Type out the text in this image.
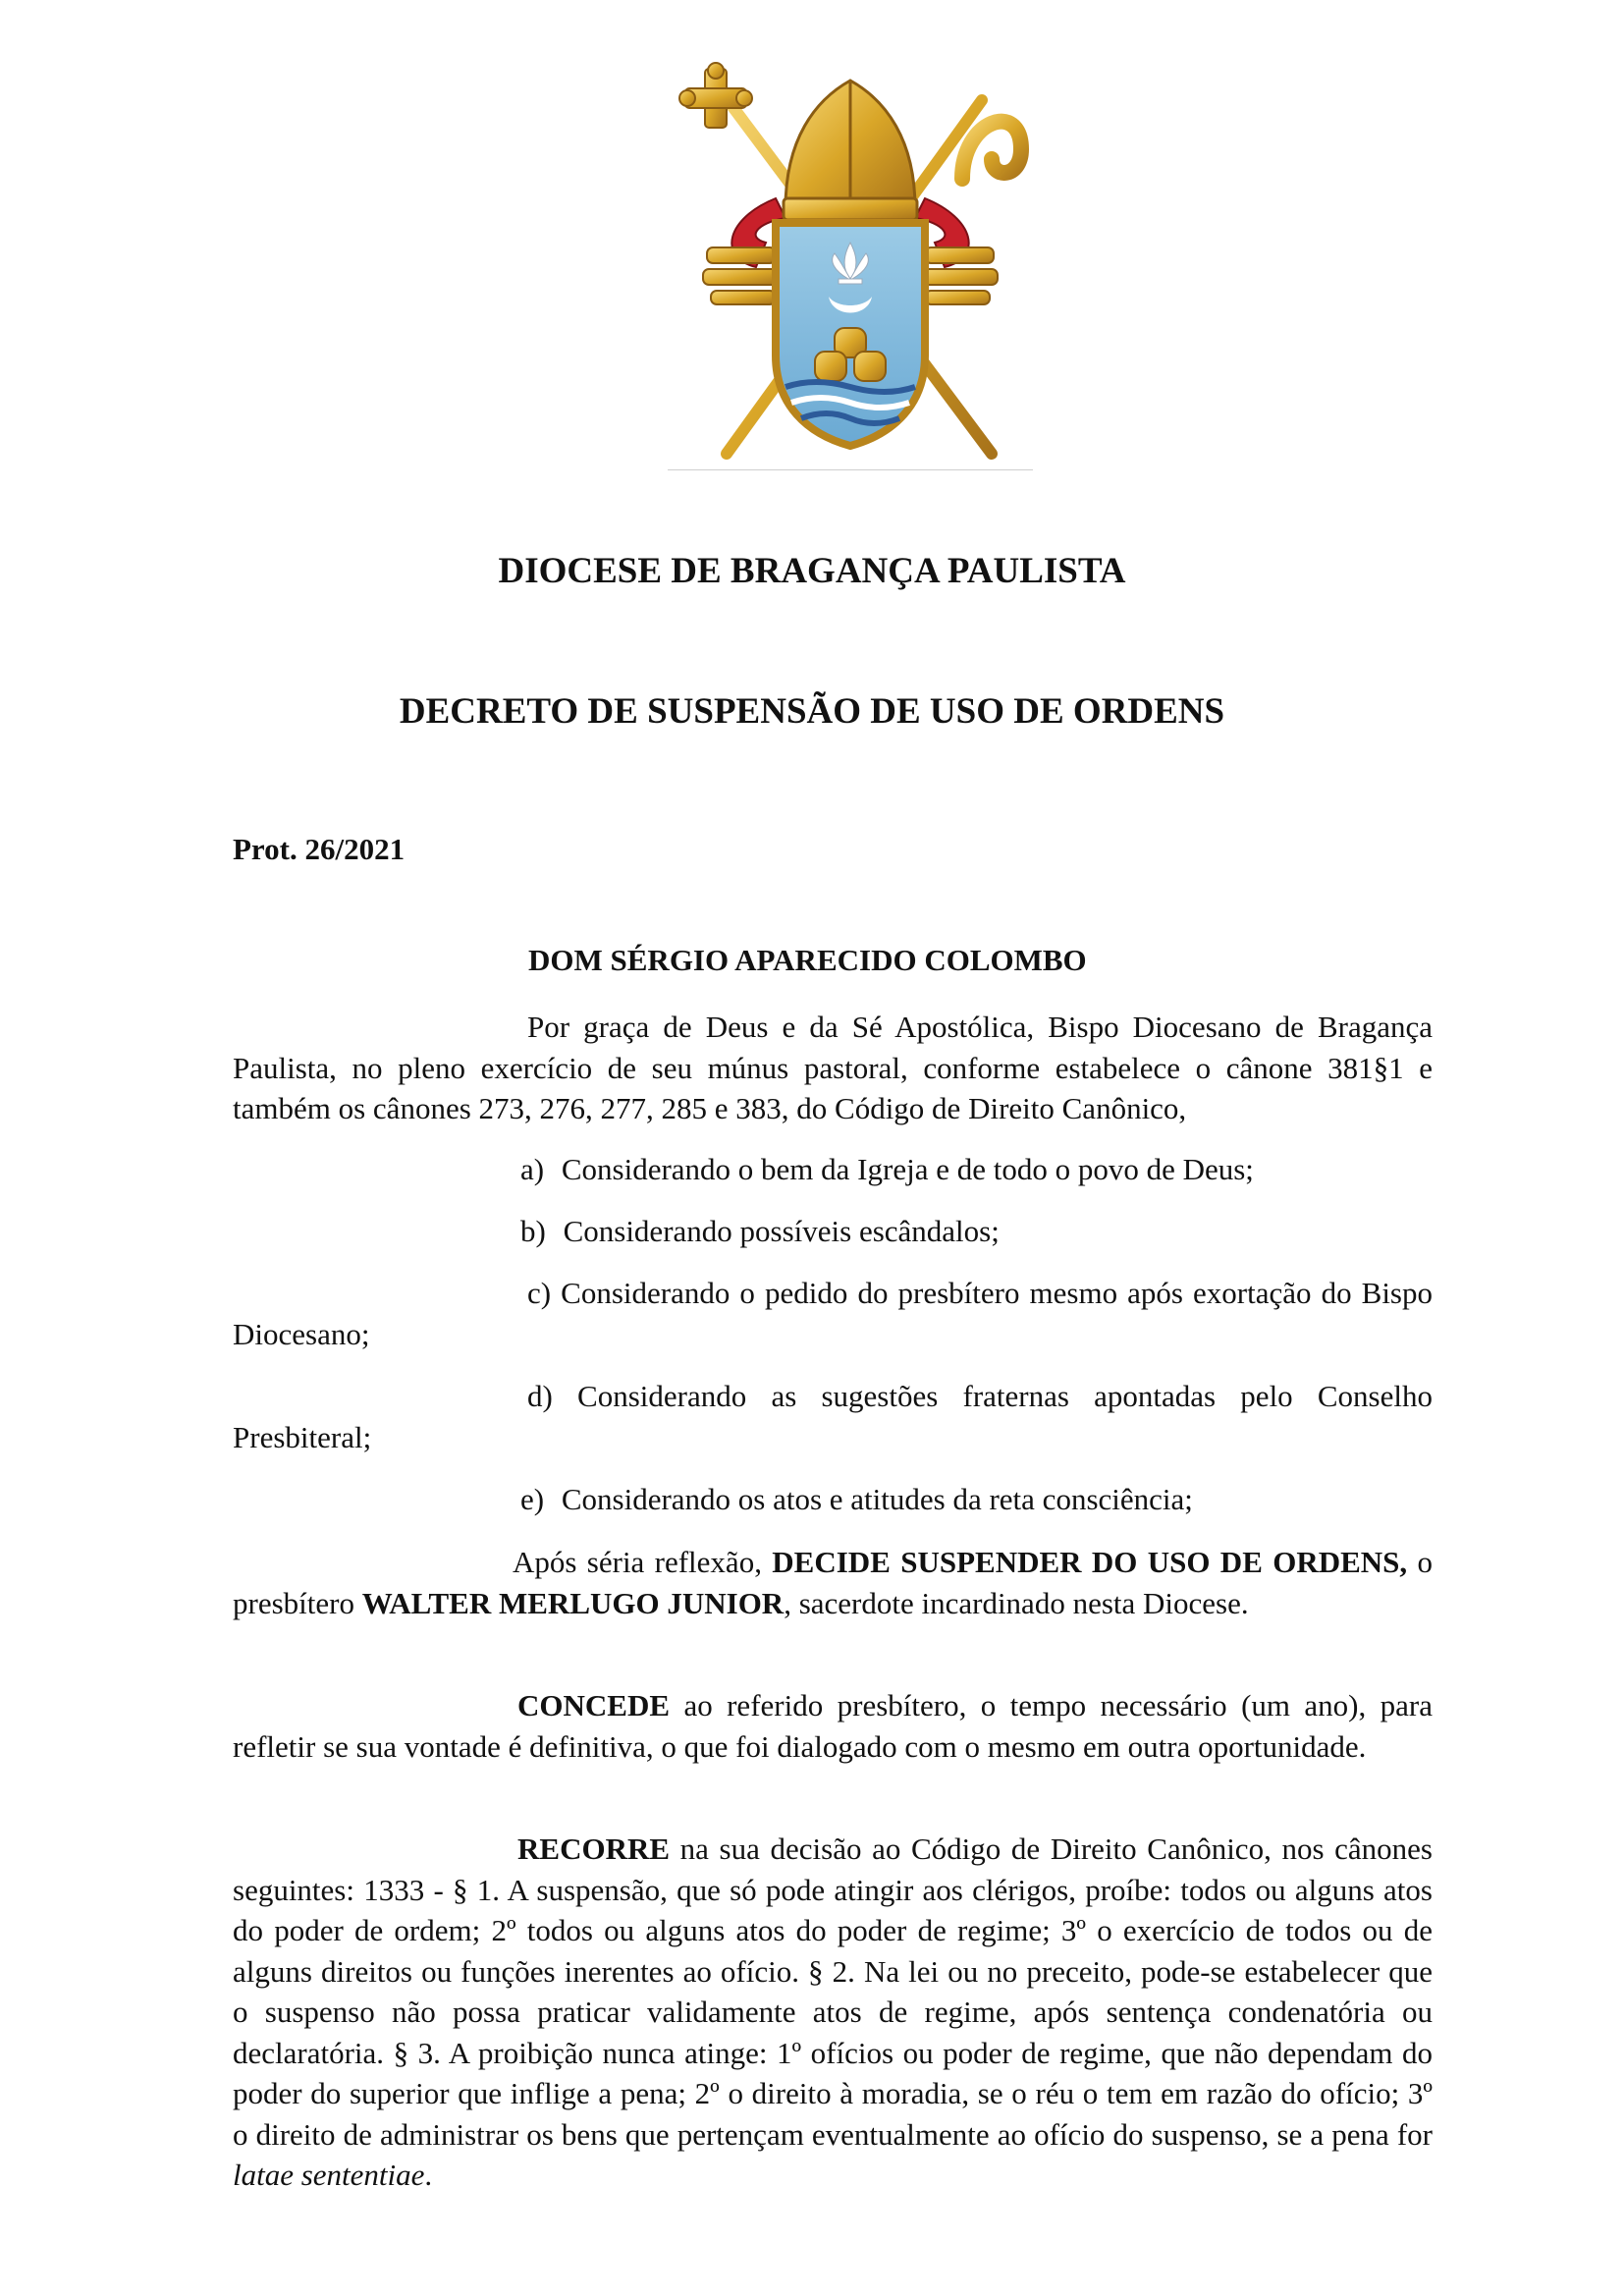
DIOCESE DE BRAGANÇA PAULISTA
DECRETO DE SUSPENSÃO DE USO DE ORDENS
Prot. 26/2021
DOM SÉRGIO APARECIDO COLOMBO
Por graça de Deus e da Sé Apostólica, Bispo Diocesano de Bragança Paulista, no pleno exercício de seu múnus pastoral, conforme estabelece o cânone 381§1 e também os cânones 273, 276, 277, 285 e 383, do Código de Direito Canônico,
a) Considerando o bem da Igreja e de todo o povo de Deus;
b) Considerando possíveis escândalos;
c) Considerando o pedido do presbítero mesmo após exortação do Bispo Diocesano;
d) Considerando as sugestões fraternas apontadas pelo Conselho Presbiteral;
e) Considerando os atos e atitudes da reta consciência;
Após séria reflexão, DECIDE SUSPENDER DO USO DE ORDENS, o presbítero WALTER MERLUGO JUNIOR, sacerdote incardinado nesta Diocese.
CONCEDE ao referido presbítero, o tempo necessário (um ano), para refletir se sua vontade é definitiva, o que foi dialogado com o mesmo em outra oportunidade.
RECORRE na sua decisão ao Código de Direito Canônico, nos cânones seguintes: 1333 - § 1. A suspensão, que só pode atingir aos clérigos, proíbe: todos ou alguns atos do poder de ordem; 2º todos ou alguns atos do poder de regime; 3º o exercício de todos ou de alguns direitos ou funções inerentes ao ofício. § 2. Na lei ou no preceito, pode-se estabelecer que o suspenso não possa praticar validamente atos de regime, após sentença condenatória ou declaratória. § 3. A proibição nunca atinge: 1º ofícios ou poder de regime, que não dependam do poder do superior que inflige a pena; 2º o direito à moradia, se o réu o tem em razão do ofício; 3º o direito de administrar os bens que pertençam eventualmente ao ofício do suspenso, se a pena for latae sententiae.
